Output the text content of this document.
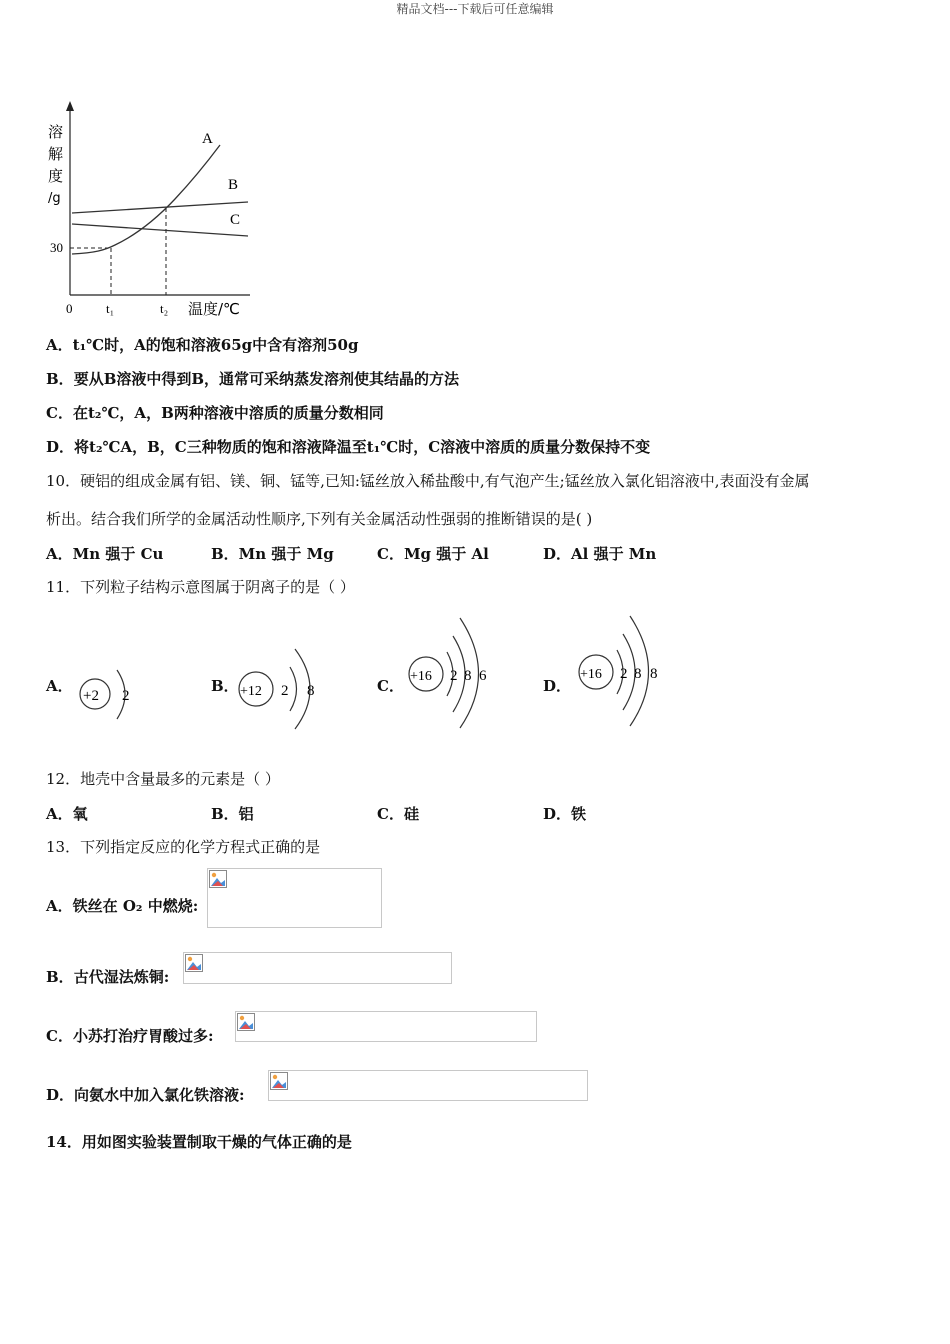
精品文档---下载后可任意编辑
溶
解
度
/g
30
0	t₁	t₂ 温度/℃
A
B
C
A．t₁℃时，A的饱和溶液65g中含有溶剂50g
B．要从B溶液中得到B，通常可采纳蒸发溶剂使其结晶的方法
C．在t₂℃，A，B两种溶液中溶质的质量分数相同
D．将t₂℃A，B，C三种物质的饱和溶液降温至t₁℃时，C溶液中溶质的质量分数保持不变
10．硬铝的组成金属有铝、镁、铜、锰等,已知:锰丝放入稀盐酸中,有气泡产生;锰丝放入氯化铝溶液中,表面没有金属
析出。结合我们所学的金属活动性顺序,下列有关金属活动性强弱的推断错误的是( )
A．Mn 强于 Cu	B．Mn 强于 Mg	C．Mg 强于 Al	D．Al 强于 Mn
11．下列粒子结构示意图属于阴离子的是（ ）
A．
+2 2
B． +12 2 8	C．
+16 2 8 6
D．
+16 2 8 8
12．地壳中含量最多的元素是（ ）
A．氧	B．铝	C．硅	D．铁
13．下列指定反应的化学方程式正确的是
A．铁丝在 O₂ 中燃烧:
B．古代湿法炼铜:
C．小苏打治疗胃酸过多:
D．向氨水中加入氯化铁溶液:
14．用如图实验装置制取干燥的气体正确的是
